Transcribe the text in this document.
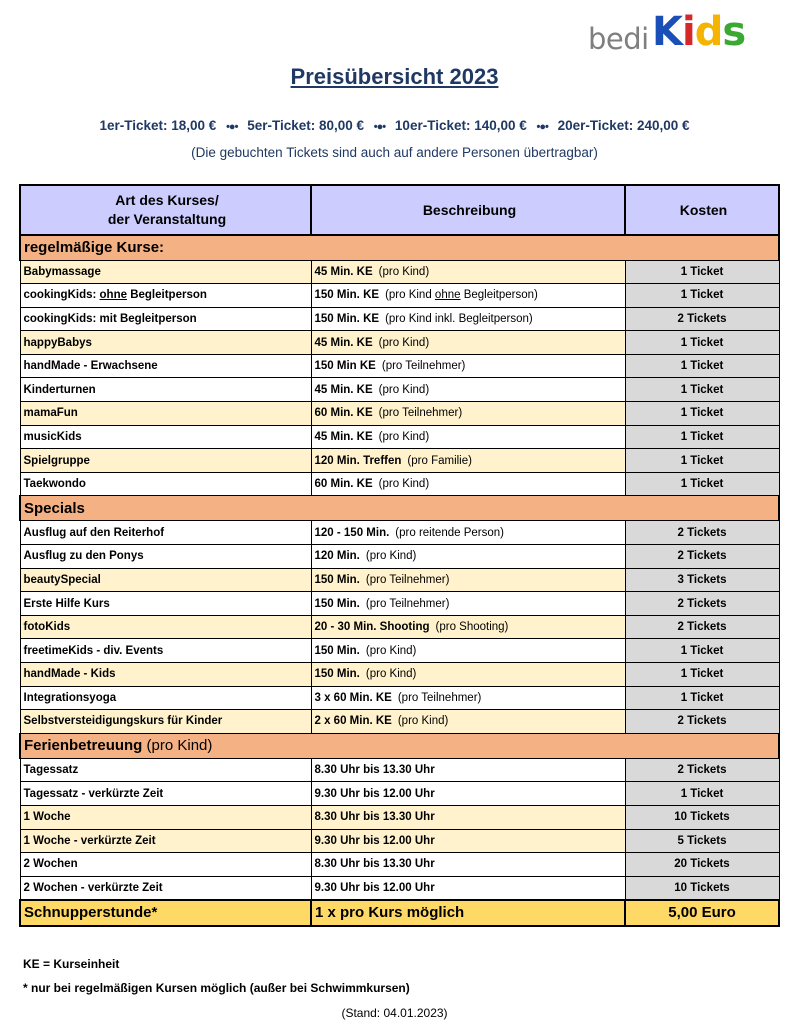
bedi Kids
Preisübersicht 2023
1er-Ticket: 18,00 € •●• 5er-Ticket: 80,00 € •●• 10er-Ticket: 140,00 € •●• 20er-Ticket: 240,00 €
(Die gebuchten Tickets sind auch auf andere Personen übertragbar)
Art des Kurses/
der Veranstaltung	Beschreibung	Kosten
regelmäßige Kurse:		
Babymassage	45 Min. KE (pro Kind)	1 Ticket
cookingKids: ohne Begleitperson	150 Min. KE (pro Kind ohne Begleitperson)	1 Ticket
cookingKids: mit Begleitperson	150 Min. KE (pro Kind inkl. Begleitperson)	2 Tickets
happyBabys	45 Min. KE (pro Kind)	1 Ticket
handMade - Erwachsene	150 Min KE (pro Teilnehmer)	1 Ticket
Kinderturnen	45 Min. KE (pro Kind)	1 Ticket
mamaFun	60 Min. KE (pro Teilnehmer)	1 Ticket
musicKids	45 Min. KE (pro Kind)	1 Ticket
Spielgruppe	120 Min. Treffen (pro Familie)	1 Ticket
Taekwondo	60 Min. KE (pro Kind)	1 Ticket
Specials		
Ausflug auf den Reiterhof	120 - 150 Min. (pro reitende Person)	2 Tickets
Ausflug zu den Ponys	120 Min. (pro Kind)	2 Tickets
beautySpecial	150 Min. (pro Teilnehmer)	3 Tickets
Erste Hilfe Kurs	150 Min. (pro Teilnehmer)	2 Tickets
fotoKids	20 - 30 Min. Shooting (pro Shooting)	2 Tickets
freetimeKids - div. Events	150 Min. (pro Kind)	1 Ticket
handMade - Kids	150 Min. (pro Kind)	1 Ticket
Integrationsyoga	3 x 60 Min. KE (pro Teilnehmer)	1 Ticket
Selbstversteidigungskurs für Kinder	2 x 60 Min. KE (pro Kind)	2 Tickets
Ferienbetreuung (pro Kind)		
Tagessatz	8.30 Uhr bis 13.30 Uhr	2 Tickets
Tagessatz - verkürzte Zeit	9.30 Uhr bis 12.00 Uhr	1 Ticket
1 Woche	8.30 Uhr bis 13.30 Uhr	10 Tickets
1 Woche - verkürzte Zeit	9.30 Uhr bis 12.00 Uhr	5 Tickets
2 Wochen	8.30 Uhr bis 13.30 Uhr	20 Tickets
2 Wochen - verkürzte Zeit	9.30 Uhr bis 12.00 Uhr	10 Tickets
Schnupperstunde*	1 x pro Kurs möglich	5,00 Euro
KE = Kurseinheit
* nur bei regelmäßigen Kursen möglich (außer bei Schwimmkursen)
(Stand: 04.01.2023)
